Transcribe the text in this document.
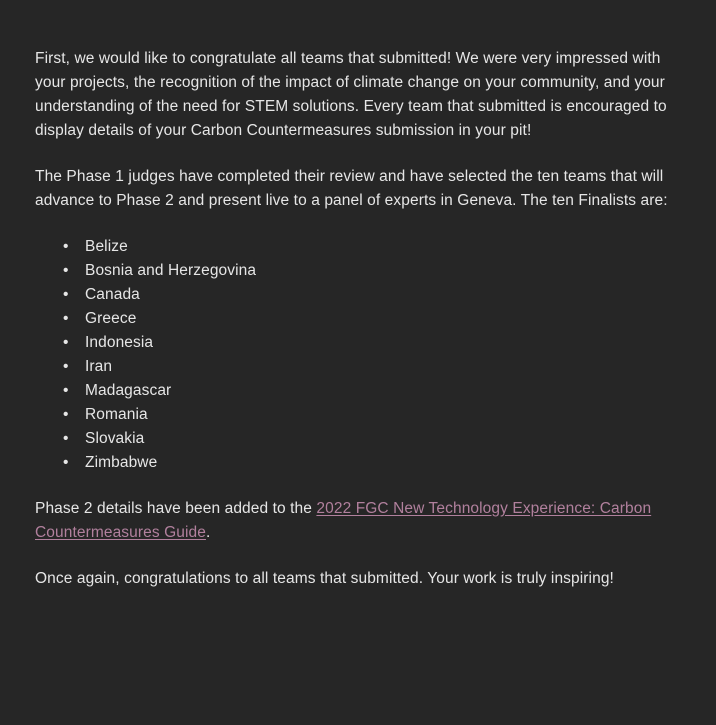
First, we would like to congratulate all teams that submitted! We were very impressed with your projects, the recognition of the impact of climate change on your community, and your understanding of the need for STEM solutions. Every team that submitted is encouraged to display details of your Carbon Countermeasures submission in your pit!

The Phase 1 judges have completed their review and have selected the ten teams that will advance to Phase 2 and present live to a panel of experts in Geneva. The ten Finalists are:

• Belize
• Bosnia and Herzegovina
• Canada
• Greece
• Indonesia
• Iran
• Madagascar
• Romania
• Slovakia
• Zimbabwe

Phase 2 details have been added to the 2022 FGC New Technology Experience: Carbon Countermeasures Guide.

Once again, congratulations to all teams that submitted. Your work is truly inspiring!
